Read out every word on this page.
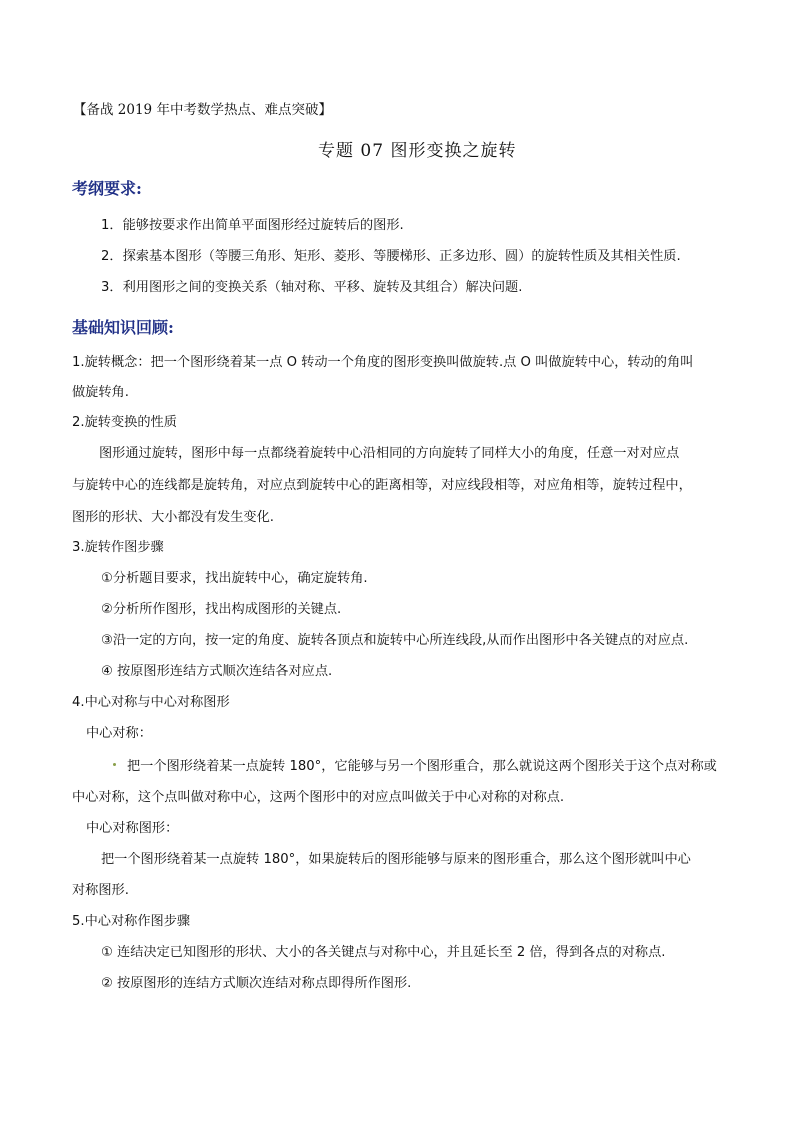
【备战 2019 年中考数学热点、难点突破】
专题 07 图形变换之旋转
考纲要求:
1．能够按要求作出简单平面图形经过旋转后的图形.
2．探索基本图形（等腰三角形、矩形、菱形、等腰梯形、正多边形、圆）的旋转性质及其相关性质.
3．利用图形之间的变换关系（轴对称、平移、旋转及其组合）解决问题.
基础知识回顾:
1.旋转概念：把一个图形绕着某一点 O 转动一个角度的图形变换叫做旋转.点 O 叫做旋转中心，转动的角叫
做旋转角.
2.旋转变换的性质
图形通过旋转，图形中每一点都绕着旋转中心沿相同的方向旋转了同样大小的角度，任意一对对应点
与旋转中心的连线都是旋转角，对应点到旋转中心的距离相等，对应线段相等，对应角相等，旋转过程中，
图形的形状、大小都没有发生变化.
3.旋转作图步骤
①分析题目要求，找出旋转中心，确定旋转角.
②分析所作图形，找出构成图形的关键点.
③沿一定的方向，按一定的角度、旋转各顶点和旋转中心所连线段,从而作出图形中各关键点的对应点.
④ 按原图形连结方式顺次连结各对应点.
4.中心对称与中心对称图形
中心对称：
把一个图形绕着某一点旋转 180°，它能够与另一个图形重合，那么就说这两个图形关于这个点对称或
中心对称，这个点叫做对称中心，这两个图形中的对应点叫做关于中心对称的对称点.
中心对称图形：
把一个图形绕着某一点旋转 180°，如果旋转后的图形能够与原来的图形重合，那么这个图形就叫中心
对称图形.
5.中心对称作图步骤
① 连结决定已知图形的形状、大小的各关键点与对称中心，并且延长至 2 倍，得到各点的对称点.
② 按原图形的连结方式顺次连结对称点即得所作图形.
